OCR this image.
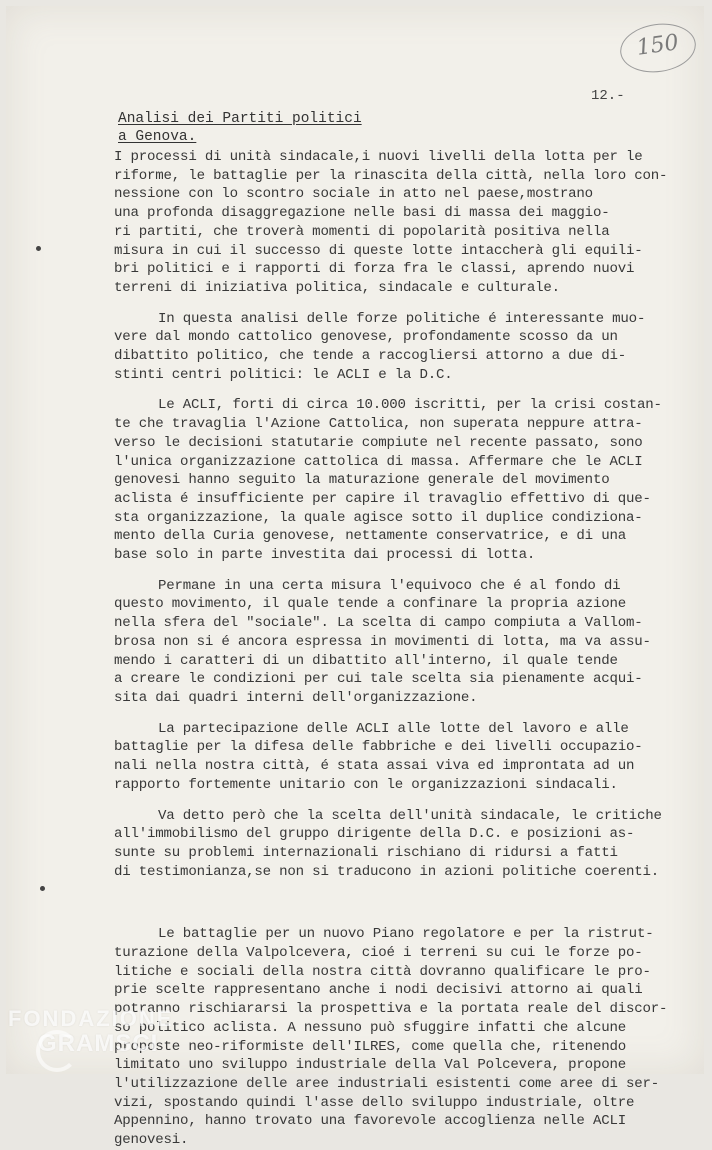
150
12.-
Analisi dei Partiti politici
a Genova.

I processi di unità sindacale,i nuovi livelli della lotta per le
riforme, le battaglie per la rinascita della città, nella loro con-
nessione con lo scontro sociale in atto nel paese,mostrano
una profonda disaggregazione nelle basi di massa dei maggio-
ri partiti, che troverà momenti di popolarità positiva nella
misura in cui il successo di queste lotte intaccherà gli equili-
bri politici e i rapporti di forza fra le classi, aprendo nuovi
terreni di iniziativa politica, sindacale e culturale.

In questa analisi delle forze politiche é interessante muo-
vere dal mondo cattolico genovese, profondamente scosso da un
dibattito politico, che tende a raccogliersi attorno a due di-
stinti centri politici: le ACLI e la D.C.

Le ACLI, forti di circa 10.000 iscritti, per la crisi costan-
te che travaglia l'Azione Cattolica, non superata neppure attra-
verso le decisioni statutarie compiute nel recente passato, sono
l'unica organizzazione cattolica di massa. Affermare che le ACLI
genovesi hanno seguito la maturazione generale del movimento
aclista é insufficiente per capire il travaglio effettivo di que-
sta organizzazione, la quale agisce sotto il duplice condiziona-
mento della Curia genovese, nettamente conservatrice, e di una
base solo in parte investita dai processi di lotta.

Permane in una certa misura l'equivoco che é al fondo di
questo movimento, il quale tende a confinare la propria azione
nella sfera del "sociale". La scelta di campo compiuta a Vallom-
brosa non si é ancora espressa in movimenti di lotta, ma va assu-
mendo i caratteri di un dibattito all'interno, il quale tende
a creare le condizioni per cui tale scelta sia pienamente acqui-
sita dai quadri interni dell'organizzazione.

La partecipazione delle ACLI alle lotte del lavoro e alle
battaglie per la difesa delle fabbriche e dei livelli occupazio-
nali nella nostra città, é stata assai viva ed improntata ad un
rapporto fortemente unitario con le organizzazioni sindacali.

Va detto però che la scelta dell'unità sindacale, le critiche
all'immobilismo del gruppo dirigente della D.C. e posizioni as-
sunte su problemi internazionali rischiano di ridursi a fatti
di testimonianza,se non si traducono in azioni politiche coerenti.

Le battaglie per un nuovo Piano regolatore e per la ristrut-
turazione della Valpolcevera, cioé i terreni su cui le forze po-
litiche e sociali della nostra città dovranno qualificare le pro-
prie scelte rappresentano anche i nodi decisivi attorno ai quali
potranno rischiararsi la prospettiva e la portata reale del discor-
so politico aclista. A nessuno può sfuggire infatti che alcune
proposte neo-riformiste dell'ILRES, come quella che, ritenendo
limitato uno sviluppo industriale della Val Polcevera, propone
l'utilizzazione delle aree industriali esistenti come aree di ser-
vizi, spostando quindi l'asse dello sviluppo industriale, oltre
Appennino, hanno trovato una favorevole accoglienza nelle ACLI
genovesi.

FONDAZIONE
GRAMSCI
